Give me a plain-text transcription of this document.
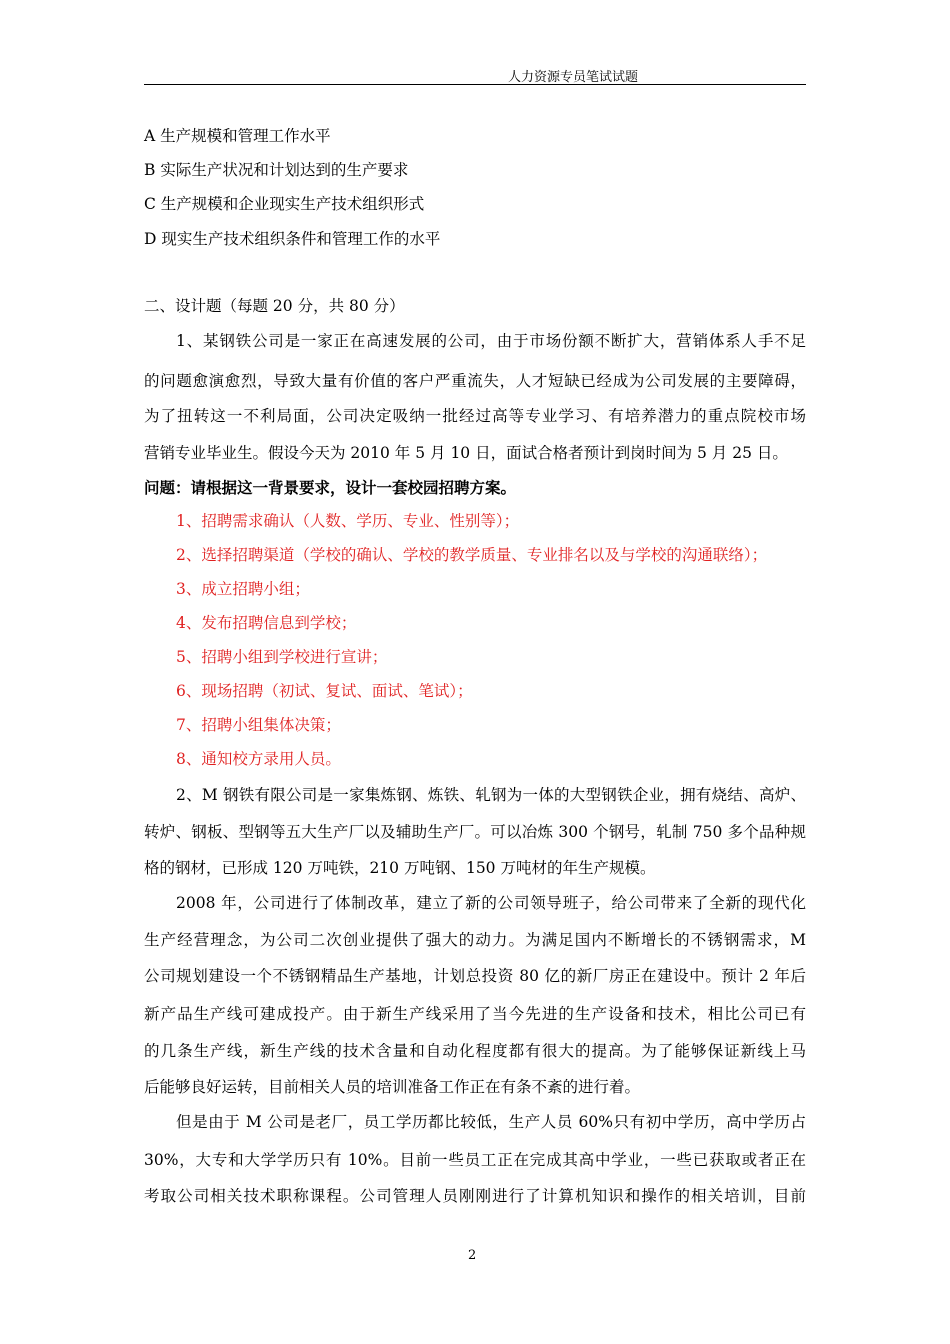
人力资源专员笔试试题
A 生产规模和管理工作水平
B 实际生产状况和计划达到的生产要求
C 生产规模和企业现实生产技术组织形式
D 现实生产技术组织条件和管理工作的水平
二、设计题（每题 20 分，共 80 分）
1、某钢铁公司是一家正在高速发展的公司，由于市场份额不断扩大，营销体系人手不足
的问题愈演愈烈，导致大量有价值的客户严重流失，人才短缺已经成为公司发展的主要障碍，
为了扭转这一不利局面，公司决定吸纳一批经过高等专业学习、有培养潜力的重点院校市场
营销专业毕业生。假设今天为 2010 年 5 月 10 日，面试合格者预计到岗时间为 5 月 25 日。
问题：请根据这一背景要求，设计一套校园招聘方案。
1、招聘需求确认（人数、学历、专业、性别等）；
2、选择招聘渠道（学校的确认、学校的教学质量、专业排名以及与学校的沟通联络）；
3、成立招聘小组；
4、发布招聘信息到学校；
5、招聘小组到学校进行宣讲；
6、现场招聘（初试、复试、面试、笔试）；
7、招聘小组集体决策；
8、通知校方录用人员。
2、M 钢铁有限公司是一家集炼钢、炼铁、轧钢为一体的大型钢铁企业，拥有烧结、高炉、
转炉、钢板、型钢等五大生产厂以及辅助生产厂。可以冶炼 300 个钢号，轧制 750 多个品种规
格的钢材，已形成 120 万吨铁，210 万吨钢、150 万吨材的年生产规模。
2008 年，公司进行了体制改革，建立了新的公司领导班子，给公司带来了全新的现代化
生产经营理念，为公司二次创业提供了强大的动力。为满足国内不断增长的不锈钢需求，M
公司规划建设一个不锈钢精品生产基地，计划总投资 80 亿的新厂房正在建设中。预计 2 年后
新产品生产线可建成投产。由于新生产线采用了当今先进的生产设备和技术，相比公司已有
的几条生产线，新生产线的技术含量和自动化程度都有很大的提高。为了能够保证新线上马
后能够良好运转，目前相关人员的培训准备工作正在有条不紊的进行着。
但是由于 M 公司是老厂，员工学历都比较低，生产人员 60%只有初中学历，高中学历占
30%，大专和大学学历只有 10%。目前一些员工正在完成其高中学业，一些已获取或者正在
考取公司相关技术职称课程。公司管理人员刚刚进行了计算机知识和操作的相关培训，目前
2
